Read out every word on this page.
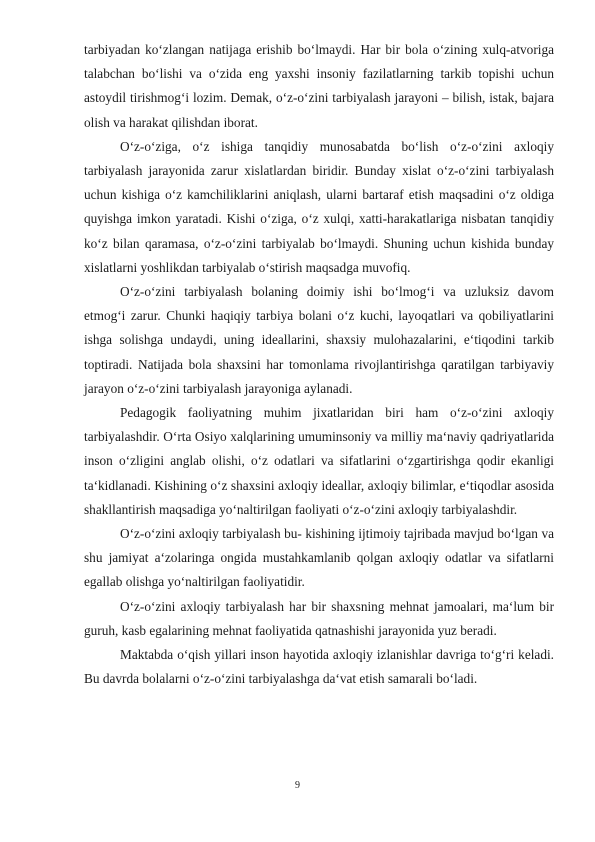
tarbiyadan ko‘zlangan natijaga erishib bo‘lmaydi. Har bir bola o‘zining xulq-atvoriga talabchan bo‘lishi va o‘zida eng yaxshi insoniy fazilatlarning tarkib topishi uchun astoydil tirishmog‘i lozim. Demak, o‘z-o‘zini tarbiyalash jarayoni – bilish, istak, bajara olish va harakat qilishdan iborat.

O‘z-o‘ziga, o‘z ishiga tanqidiy munosabatda bo‘lish o‘z-o‘zini axloqiy tarbiyalash jarayonida zarur xislatlardan biridir. Bunday xislat o‘z-o‘zini tarbiyalash uchun kishiga o‘z kamchiliklarini aniqlash, ularni bartaraf etish maqsadini o‘z oldiga quyishga imkon yaratadi. Kishi o‘ziga, o‘z xulqi, xatti-harakatlariga nisbatan tanqidiy ko‘z bilan qaramasa, o‘z-o‘zini tarbiyalab bo‘lmaydi. Shuning uchun kishida bunday xislatlarni yoshlikdan tarbiyalab o‘stirish maqsadga muvofiq.

O‘z-o‘zini tarbiyalash bolaning doimiy ishi bo‘lmog‘i va uzluksiz davom etmog‘i zarur. Chunki haqiqiy tarbiya bolani o‘z kuchi, layoqatlari va qobiliyatlarini ishga solishga undaydi, uning ideallarini, shaxsiy mulohazalarini, e‘tiqodini tarkib toptiradi. Natijada bola shaxsini har tomonlama rivojlantirishga qaratilgan tarbiyaviy jarayon o‘z-o‘zini tarbiyalash jarayoniga aylanadi.

Pedagogik faoliyatning muhim jixatlaridan biri ham o‘z-o‘zini axloqiy tarbiyalashdir. O‘rta Osiyo xalqlarining umuminsoniy va milliy ma‘naviy qadriyatlarida inson o‘zligini anglab olishi, o‘z odatlari va sifatlarini o‘zgartirishga qodir ekanligi ta‘kidlanadi. Kishining o‘z shaxsini axloqiy ideallar, axloqiy bilimlar, e‘tiqodlar asosida shakllantirish maqsadiga yo‘naltirilgan faoliyati o‘z-o‘zini axloqiy tarbiyalashdir.

O‘z-o‘zini axloqiy tarbiyalash bu- kishining ijtimoiy tajribada mavjud bo‘lgan va shu jamiyat a‘zolaringa ongida mustahkamlanib qolgan axloqiy odatlar va sifatlarni egallab olishga yo‘naltirilgan faoliyatidir.

O‘z-o‘zini axloqiy tarbiyalash har bir shaxsning mehnat jamoalari, ma‘lum bir guruh, kasb egalarining mehnat faoliyatida qatnashishi jarayonida yuz beradi.

Maktabda o‘qish yillari inson hayotida axloqiy izlanishlar davriga to‘g‘ri keladi. Bu davrda bolalarni o‘z-o‘zini tarbiyalashga da‘vat etish samarali bo‘ladi.

9
